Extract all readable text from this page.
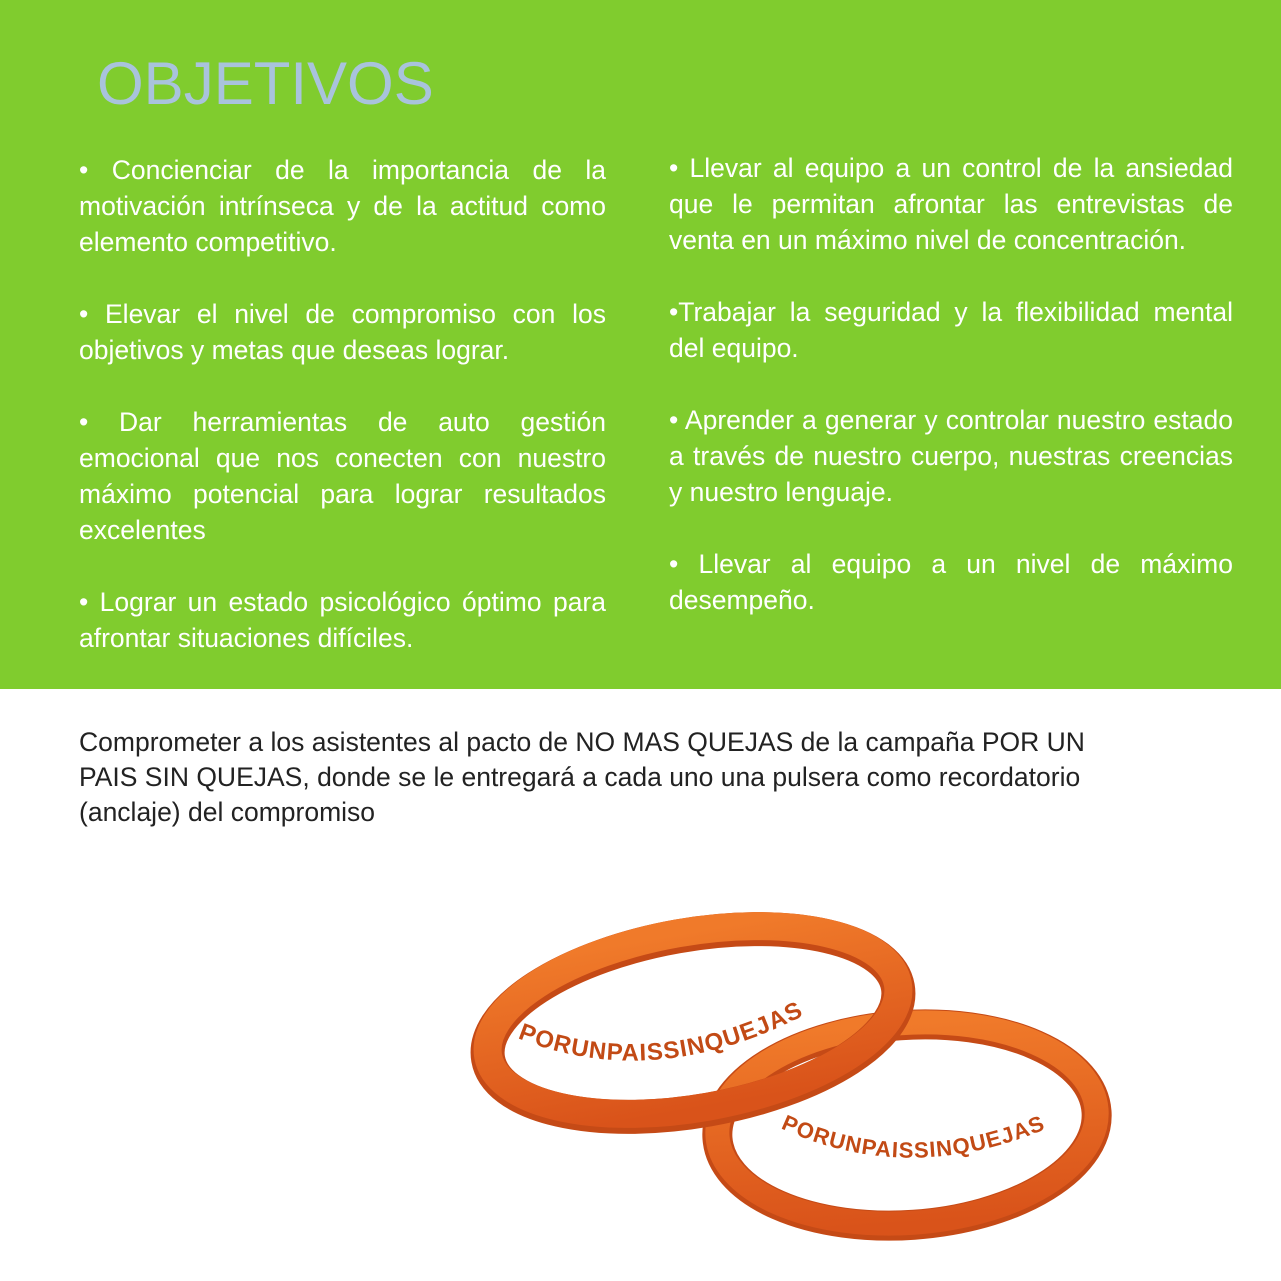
OBJETIVOS

• Concienciar de la importancia de la motivación intrínseca y de la actitud como elemento competitivo.

• Elevar el nivel de compromiso con los objetivos y metas que deseas lograr.

• Dar herramientas de auto gestión emocional que nos conecten con nuestro máximo potencial para lograr resultados excelentes

• Lograr un estado psicológico óptimo para afrontar situaciones difíciles.

• Llevar al equipo a un control de la ansiedad que le permitan afrontar las entrevistas de venta en un máximo nivel de concentración.

•Trabajar la seguridad y la flexibilidad mental del equipo.

• Aprender a generar y controlar nuestro estado a través de nuestro cuerpo, nuestras creencias y nuestro lenguaje.

• Llevar al equipo a un nivel de máximo desempeño.

Comprometer a los asistentes al pacto de NO MAS QUEJAS de la campaña POR UN PAIS SIN QUEJAS, donde se le entregará a cada uno una pulsera como recordatorio (anclaje) del compromiso

PORUNPAISSINQUEJAS
PORUNPAISSINQUEJAS
